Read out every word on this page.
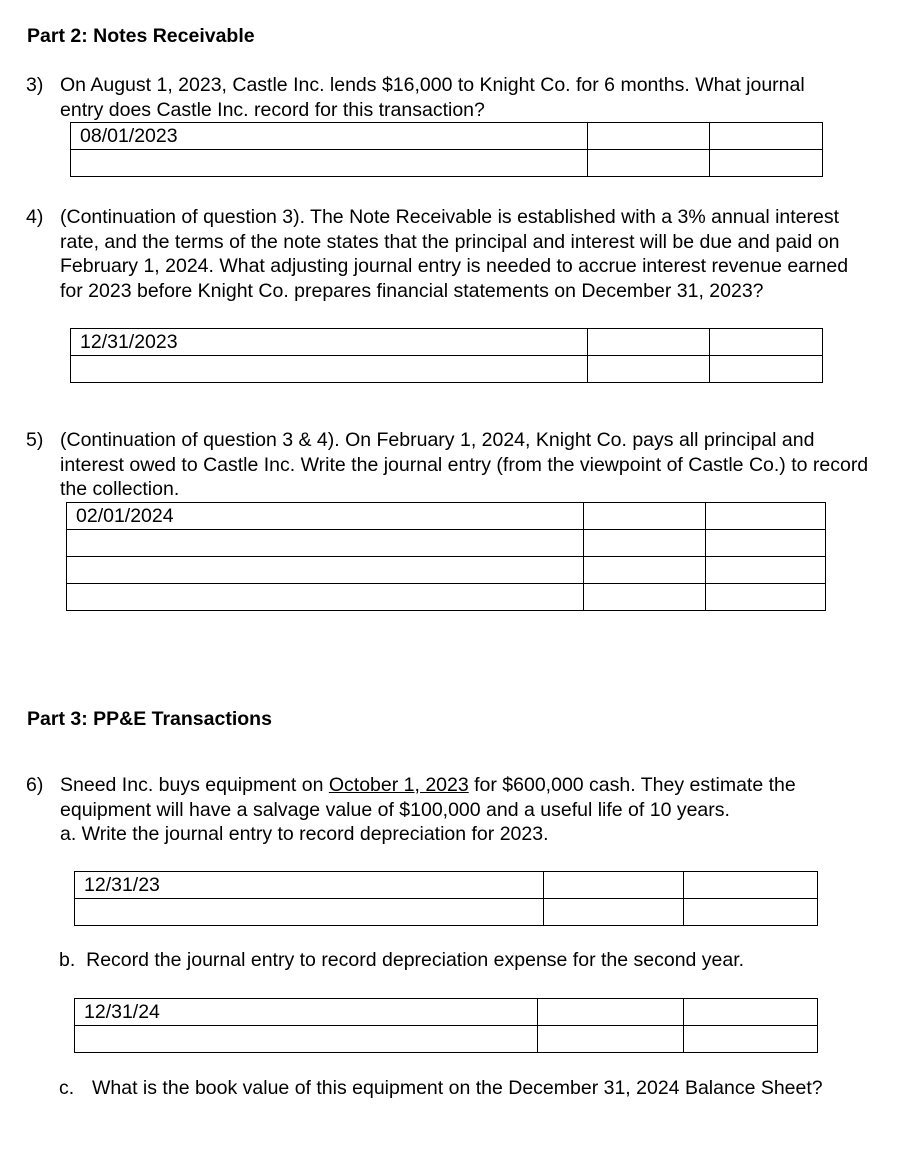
Part 2: Notes Receivable
3) On August 1, 2023, Castle Inc. lends $16,000 to Knight Co. for 6 months. What journal entry does Castle Inc. record for this transaction?
08/01/2023		

4) (Continuation of question 3). The Note Receivable is established with a 3% annual interest rate, and the terms of the note states that the principal and interest will be due and paid on February 1, 2024. What adjusting journal entry is needed to accrue interest revenue earned for 2023 before Knight Co. prepares financial statements on December 31, 2023?
12/31/2023		

5) (Continuation of question 3 & 4). On February 1, 2024, Knight Co. pays all principal and interest owed to Castle Inc. Write the journal entry (from the viewpoint of Castle Co.) to record the collection.
02/01/2024		

Part 3: PP&E Transactions
6) Sneed Inc. buys equipment on October 1, 2023 for $600,000 cash. They estimate the equipment will have a salvage value of $100,000 and a useful life of 10 years.
a. Write the journal entry to record depreciation for 2023.
12/31/23		

b. Record the journal entry to record depreciation expense for the second year.
12/31/24		

c. What is the book value of this equipment on the December 31, 2024 Balance Sheet?
